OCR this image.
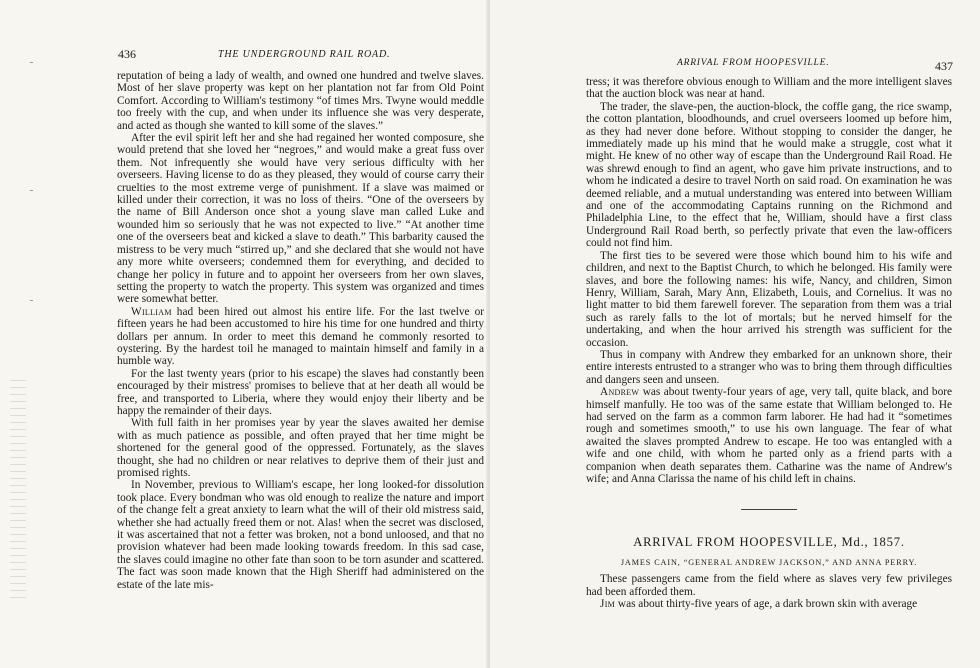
436	THE UNDERGROUND RAIL ROAD.

reputation of being a lady of wealth, and owned one hundred and twelve slaves. Most of her slave property was kept on her plantation not far from Old Point Comfort. According to William's testimony “of times Mrs. Twyne would meddle too freely with the cup, and when under its influence she was very desperate, and acted as though she wanted to kill some of the slaves.”

After the evil spirit left her and she had regained her wonted composure, she would pretend that she loved her “negroes,” and would make a great fuss over them. Not infrequently she would have very serious difficulty with her overseers. Having license to do as they pleased, they would of course carry their cruelties to the most extreme verge of punishment. If a slave was maimed or killed under their correction, it was no loss of theirs. “One of the overseers by the name of Bill Anderson once shot a young slave man called Luke and wounded him so seriously that he was not expected to live.” “At another time one of the overseers beat and kicked a slave to death.” This barbarity caused the mistress to be very much “stirred up,” and she declared that she would not have any more white overseers; condemned them for everything, and decided to change her policy in future and to appoint her overseers from her own slaves, setting the property to watch the property. This system was organized and times were somewhat better.

William had been hired out almost his entire life. For the last twelve or fifteen years he had been accustomed to hire his time for one hundred and thirty dollars per annum. In order to meet this demand he commonly resorted to oystering. By the hardest toil he managed to maintain himself and family in a humble way.

For the last twenty years (prior to his escape) the slaves had constantly been encouraged by their mistress' promises to believe that at her death all would be free, and transported to Liberia, where they would enjoy their liberty and be happy the remainder of their days.

With full faith in her promises year by year the slaves awaited her demise with as much patience as possible, and often prayed that her time might be shortened for the general good of the oppressed. Fortunately, as the slaves thought, she had no children or near relatives to deprive them of their just and promised rights.

In November, previous to William's escape, her long looked-for dissolution took place. Every bondman who was old enough to realize the nature and import of the change felt a great anxiety to learn what the will of their old mistress said, whether she had actually freed them or not. Alas! when the secret was disclosed, it was ascertained that not a fetter was broken, not a bond unloosed, and that no provision whatever had been made looking towards freedom. In this sad case, the slaves could imagine no other fate than soon to be torn asunder and scattered. The fact was soon made known that the High Sheriff had administered on the estate of the late mis-

ARRIVAL FROM HOOPESVILLE.	437

tress; it was therefore obvious enough to William and the more intelligent slaves that the auction block was near at hand.

The trader, the slave-pen, the auction-block, the coffle gang, the rice swamp, the cotton plantation, bloodhounds, and cruel overseers loomed up before him, as they had never done before. Without stopping to consider the danger, he immediately made up his mind that he would make a struggle, cost what it might. He knew of no other way of escape than the Underground Rail Road. He was shrewd enough to find an agent, who gave him private instructions, and to whom he indicated a desire to travel North on said road. On examination he was deemed reliable, and a mutual understanding was entered into between William and one of the accommodating Captains running on the Richmond and Philadelphia Line, to the effect that he, William, should have a first class Underground Rail Road berth, so perfectly private that even the law-officers could not find him.

The first ties to be severed were those which bound him to his wife and children, and next to the Baptist Church, to which he belonged. His family were slaves, and bore the following names: his wife, Nancy, and children, Simon Henry, William, Sarah, Mary Ann, Elizabeth, Louis, and Cornelius. It was no light matter to bid them farewell forever. The separation from them was a trial such as rarely falls to the lot of mortals; but he nerved himself for the undertaking, and when the hour arrived his strength was sufficient for the occasion.

Thus in company with Andrew they embarked for an unknown shore, their entire interests entrusted to a stranger who was to bring them through difficulties and dangers seen and unseen.

Andrew was about twenty-four years of age, very tall, quite black, and bore himself manfully. He too was of the same estate that William belonged to. He had served on the farm as a common farm laborer. He had had it “sometimes rough and sometimes smooth,” to use his own language. The fear of what awaited the slaves prompted Andrew to escape. He too was entangled with a wife and one child, with whom he parted only as a friend parts with a companion when death separates them. Catharine was the name of Andrew's wife; and Anna Clarissa the name of his child left in chains.

ARRIVAL FROM HOOPESVILLE, Md., 1857.
JAMES CAIN, “GENERAL ANDREW JACKSON,” AND ANNA PERRY.

These passengers came from the field where as slaves very few privileges had been afforded them.

Jim was about thirty-five years of age, a dark brown skin with average
